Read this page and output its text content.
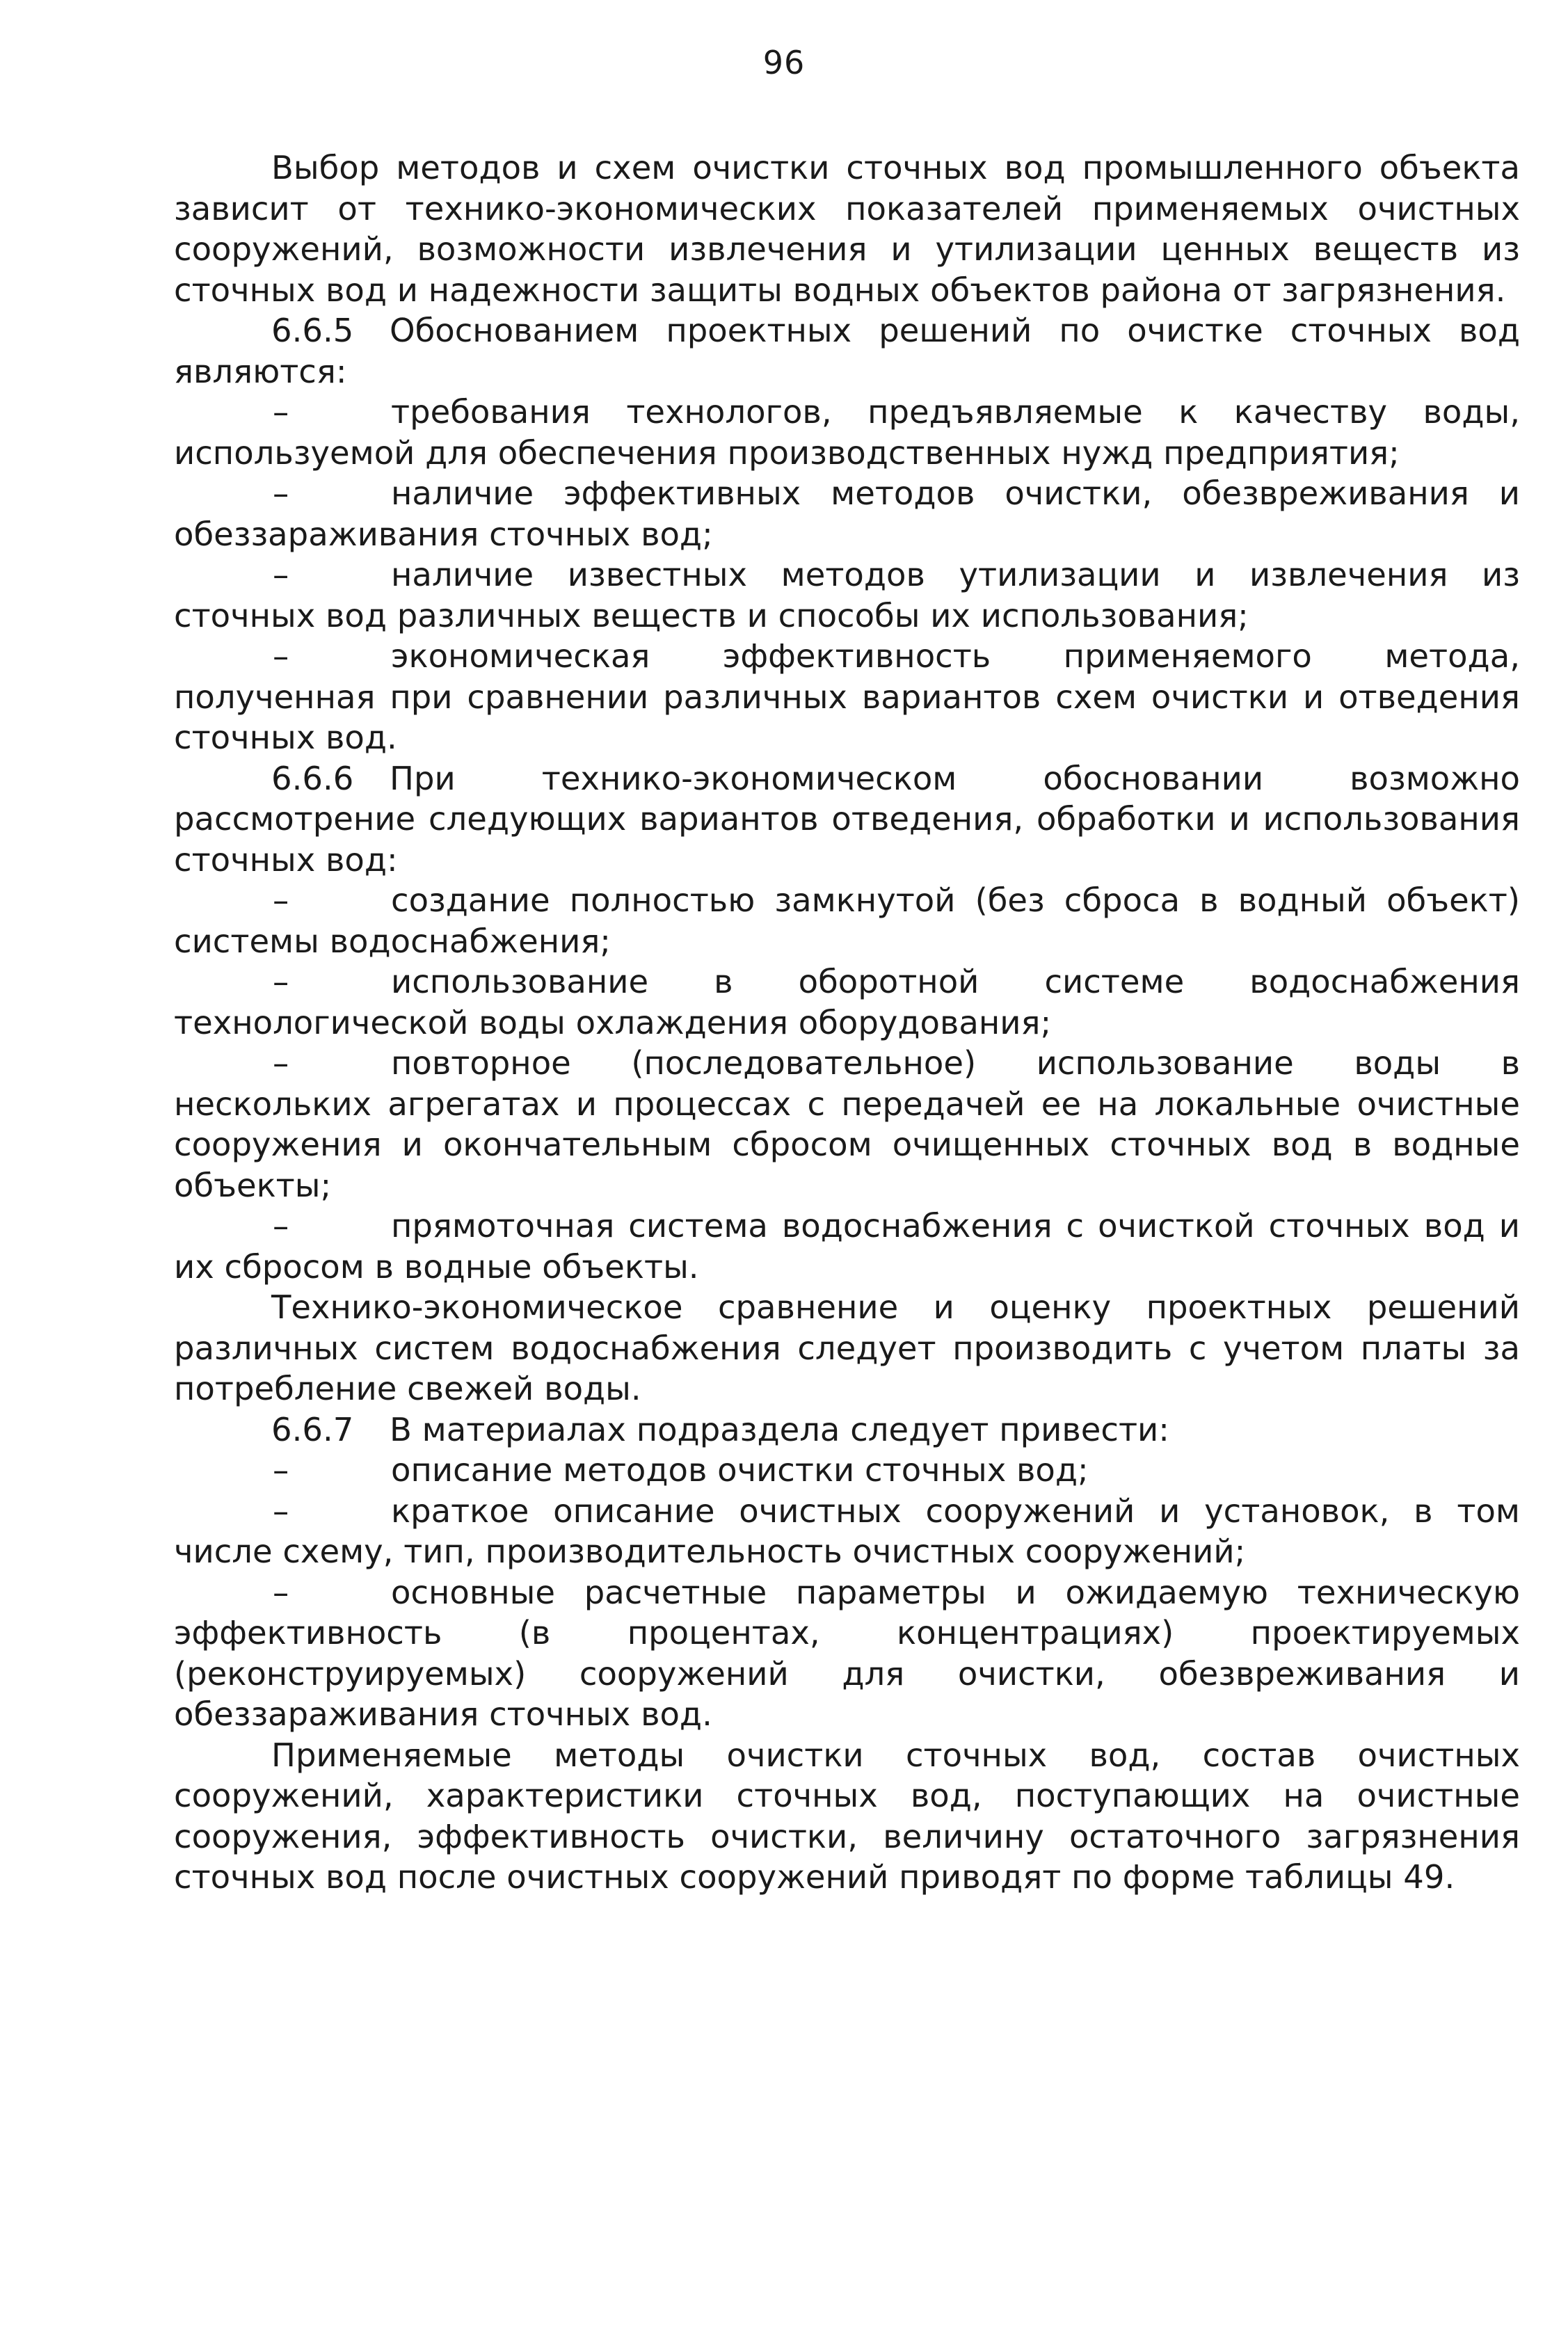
96

Выбор методов и схем очистки сточных вод промышленного объекта зависит от технико-экономических показателей применяемых очистных сооружений, возможности извлечения и утилизации ценных веществ из сточных вод и надежности защиты водных объектов района от загрязнения.

6.6.5 Обоснованием проектных решений по очистке сточных вод являются:

–	требования технологов, предъявляемые к качеству воды, используемой для обеспечения производственных нужд предприятия;

–	наличие эффективных методов очистки, обезвреживания и обеззараживания сточных вод;

–	наличие известных методов утилизации и извлечения из сточных вод различных веществ и способы их использования;

–	экономическая эффективность применяемого метода, полученная при сравнении различных вариантов схем очистки и отведения сточных вод.

6.6.6 При технико-экономическом обосновании возможно рассмотрение следующих вариантов отведения, обработки и использования сточных вод:

–	создание полностью замкнутой (без сброса в водный объект) системы водоснабжения;

–	использование в оборотной системе водоснабжения технологической воды охлаждения оборудования;

–	повторное (последовательное) использование воды в нескольких агрегатах и процессах с передачей ее на локальные очистные сооружения и окончательным сбросом очищенных сточных вод в водные объекты;

–	прямоточная система водоснабжения с очисткой сточных вод и их сбросом в водные объекты.

Технико-экономическое сравнение и оценку проектных решений различных систем водоснабжения следует производить с учетом платы за потребление свежей воды.

6.6.7 В материалах подраздела следует привести:

–	описание методов очистки сточных вод;

–	краткое описание очистных сооружений и установок, в том числе схему, тип, производительность очистных сооружений;

–	основные расчетные параметры и ожидаемую техническую эффективность (в процентах, концентрациях) проектируемых (реконструируемых) сооружений для очистки, обезвреживания и обеззараживания сточных вод.

Применяемые методы очистки сточных вод, состав очистных сооружений, характеристики сточных вод, поступающих на очистные сооружения, эффективность очистки, величину остаточного загрязнения сточных вод после очистных сооружений приводят по форме таблицы 49.
